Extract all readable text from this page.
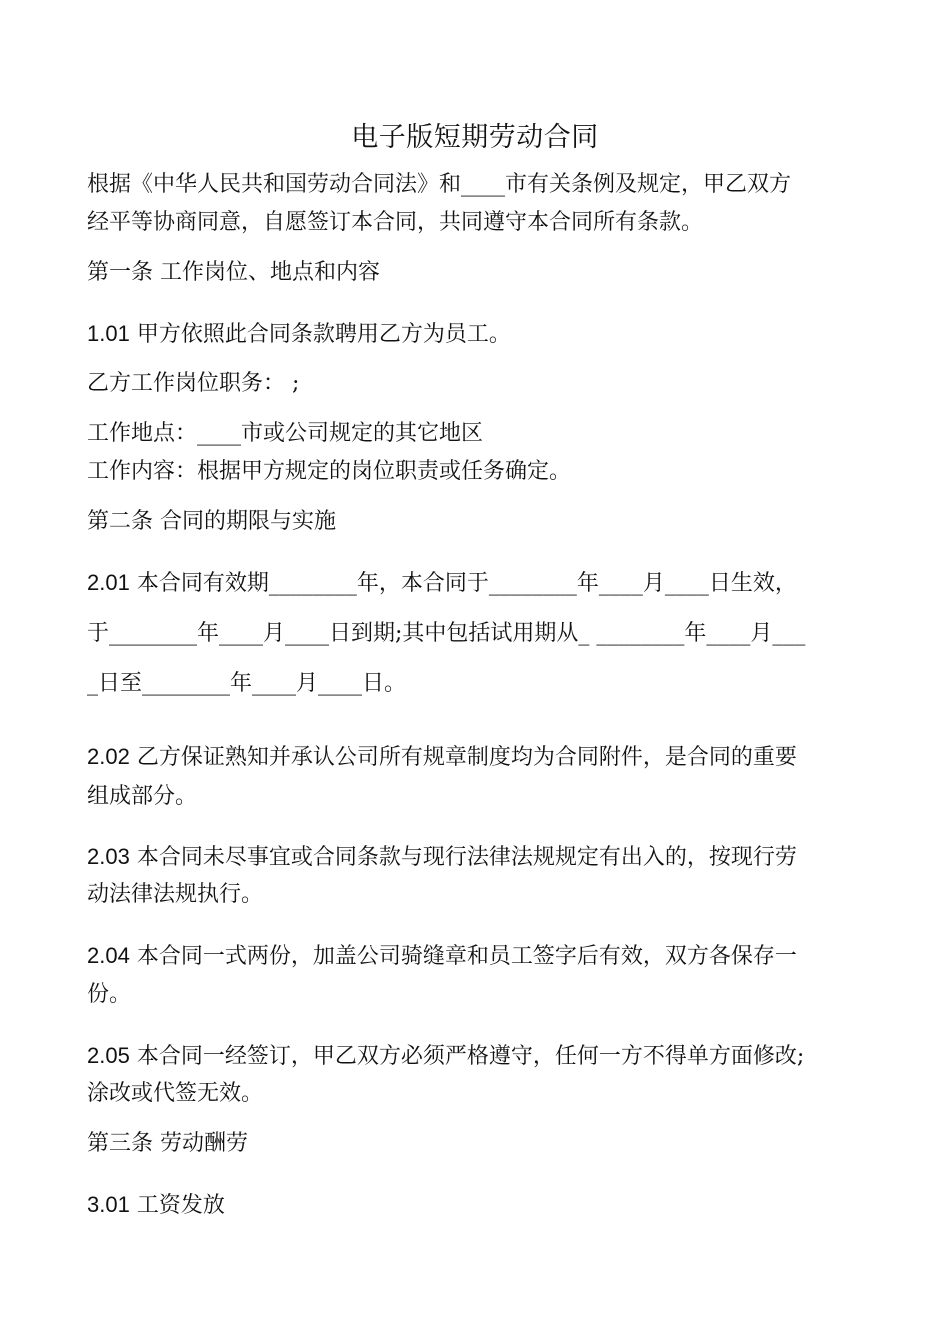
电子版短期劳动合同

根据《中华人民共和国劳动合同法》和____市有关条例及规定，甲乙双方

经平等协商同意，自愿签订本合同，共同遵守本合同所有条款。

第一条 工作岗位、地点和内容

1.01 甲方依照此合同条款聘用乙方为员工。

乙方工作岗位职务： ;

工作地点：____市或公司规定的其它地区

工作内容：根据甲方规定的岗位职责或任务确定。

第二条 合同的期限与实施

2.01 本合同有效期________年，本合同于________年____月____日生效，

于________年____月____日到期;其中包括试用期从_ ________年____月___

_日至________年____月____日。

2.02 乙方保证熟知并承认公司所有规章制度均为合同附件，是合同的重要

组成部分。

2.03 本合同未尽事宜或合同条款与现行法律法规规定有出入的，按现行劳

动法律法规执行。

2.04 本合同一式两份，加盖公司骑缝章和员工签字后有效，双方各保存一

份。

2.05 本合同一经签订，甲乙双方必须严格遵守，任何一方不得单方面修改;

涂改或代签无效。

第三条 劳动酬劳

3.01 工资发放
